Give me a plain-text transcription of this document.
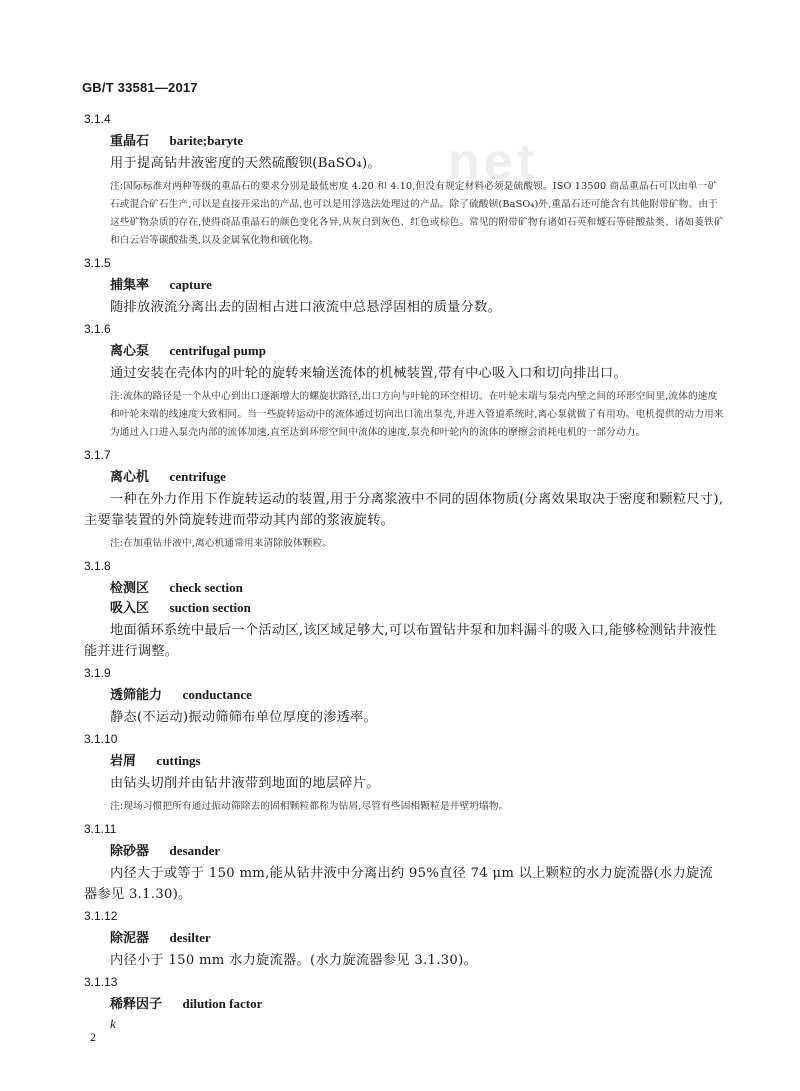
GB/T 33581—2017
net
3.1.4
重晶石 barite;baryte

用于提高钻井液密度的天然硫酸钡(BaSO₄)。

注:国际标准对两种等级的重晶石的要求分别是最低密度 4.20 和 4.10,但没有规定材料必须是硫酸钡。ISO 13500 商品重晶石可以由单一矿石或混合矿石生产,可以是直接开采出的产品,也可以是用浮选法处理过的产品。除了硫酸钡(BaSO₄)外,重晶石还可能含有其他附带矿物。由于这些矿物杂质的存在,使得商品重晶石的颜色变化各异,从灰白到灰色、红色或棕色。常见的附带矿物有诸如石英和燧石等硅酸盐类、诸如菱铁矿和白云岩等碳酸盐类,以及金属氧化物和硫化物。

3.1.5
捕集率 capture

随排放液流分离出去的固相占进口液流中总悬浮固相的质量分数。

3.1.6
离心泵 centrifugal pump

通过安装在壳体内的叶轮的旋转来输送流体的机械装置,带有中心吸入口和切向排出口。

注:流体的路径是一个从中心到出口逐渐增大的螺旋状路径,出口方向与叶轮的环空相切。在叶轮末端与泵壳内壁之间的环形空间里,流体的速度和叶轮末端的线速度大致相同。当一些旋转运动中的流体通过切向出口流出泵壳,并进入管道系统时,离心泵就做了有用功。电机提供的动力用来为通过入口进入泵壳内部的流体加速,直至达到环形空间中流体的速度,泵壳和叶轮内的流体的摩擦会消耗电机的一部分动力。

3.1.7
离心机 centrifuge

一种在外力作用下作旋转运动的装置,用于分离浆液中不同的固体物质(分离效果取决于密度和颗粒尺寸),主要靠装置的外筒旋转进而带动其内部的浆液旋转。

注:在加重钻井液中,离心机通常用来清除胶体颗粒。

3.1.8
检测区 check section
吸入区 suction section

地面循环系统中最后一个活动区,该区域足够大,可以布置钻井泵和加料漏斗的吸入口,能够检测钻井液性能并进行调整。

3.1.9
透筛能力 conductance

静态(不运动)振动筛筛布单位厚度的渗透率。

3.1.10
岩屑 cuttings

由钻头切削并由钻井液带到地面的地层碎片。

注:现场习惯把所有通过振动筛除去的固相颗粒都称为钻屑,尽管有些固相颗粒是井壁坍塌物。

3.1.11
除砂器 desander

内径大于或等于 150 mm,能从钻井液中分离出约 95%直径 74 μm 以上颗粒的水力旋流器(水力旋流器参见 3.1.30)。

3.1.12
除泥器 desilter

内径小于 150 mm 水力旋流器。(水力旋流器参见 3.1.30)。

3.1.13
稀释因子 dilution factor
k
2
